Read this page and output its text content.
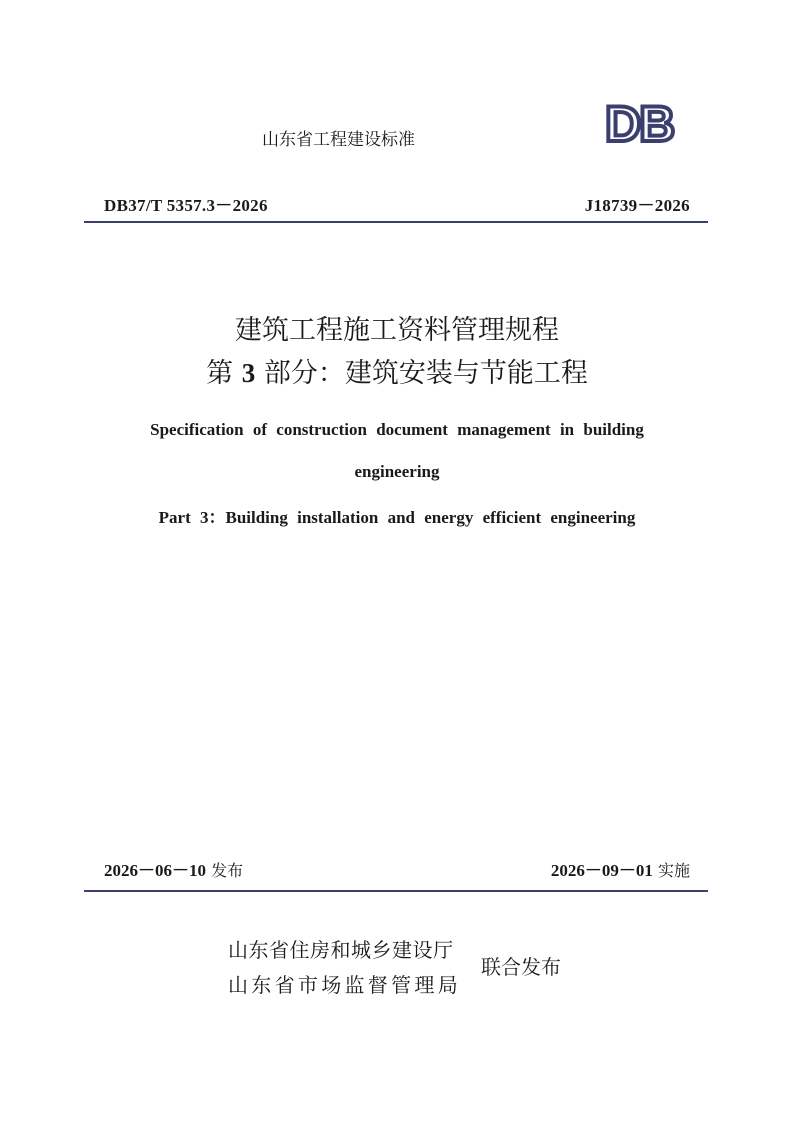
山东省工程建设标准	DB
DB37/T 5357.3－2026	J18739－2026
建筑工程施工资料管理规程
第 3 部分：建筑安装与节能工程
Specification of construction document management in building
engineering
Part 3：Building installation and energy efficient engineering
2026－06－10 发布	2026－09－01 实施
山东省住房和城乡建设厅
山东省市场监督管理局
联合发布
